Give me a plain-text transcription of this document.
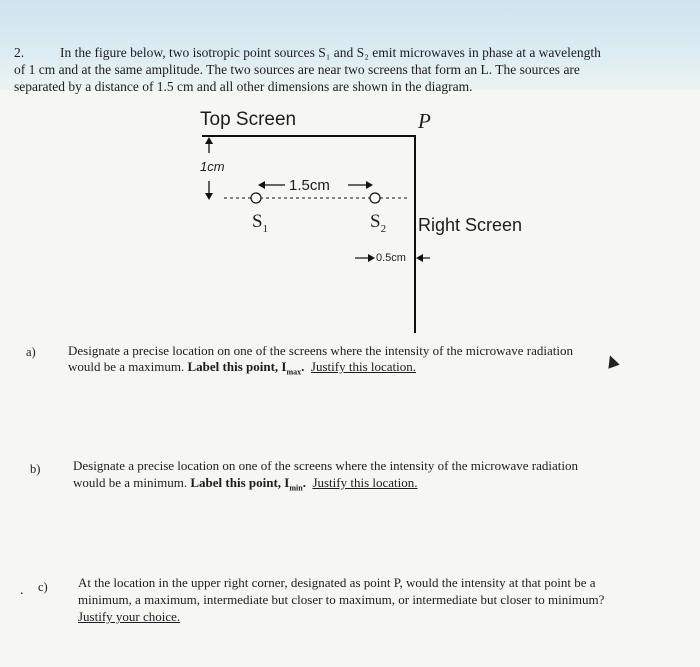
2.	In the figure below, two isotropic point sources S₁ and S₂ emit microwaves in phase at a wavelength
of 1 cm and at the same amplitude. The two sources are near two screens that form an L. The sources are
separated by a distance of 1.5 cm and all other dimensions are shown in the diagram.
Top Screen	P
1cm
1.5cm
$S_1$	$S_2$ Right Screen
0.5cm
a) Designate a precise location on one of the screens where the intensity of the microwave radiation
would be a maximum. Label this point, $I_{max}$. Justify this location.
b)	Designate a precise location on one of the screens where the intensity of the microwave radiation
would be a minimum. Label this point, $I_{min}$. Justify this location.
. c) At the location in the upper right corner, designated as point P, would the intensity at that point be a
minimum, a maximum, intermediate but closer to maximum, or intermediate but closer to minimum?
Justify your choice.
